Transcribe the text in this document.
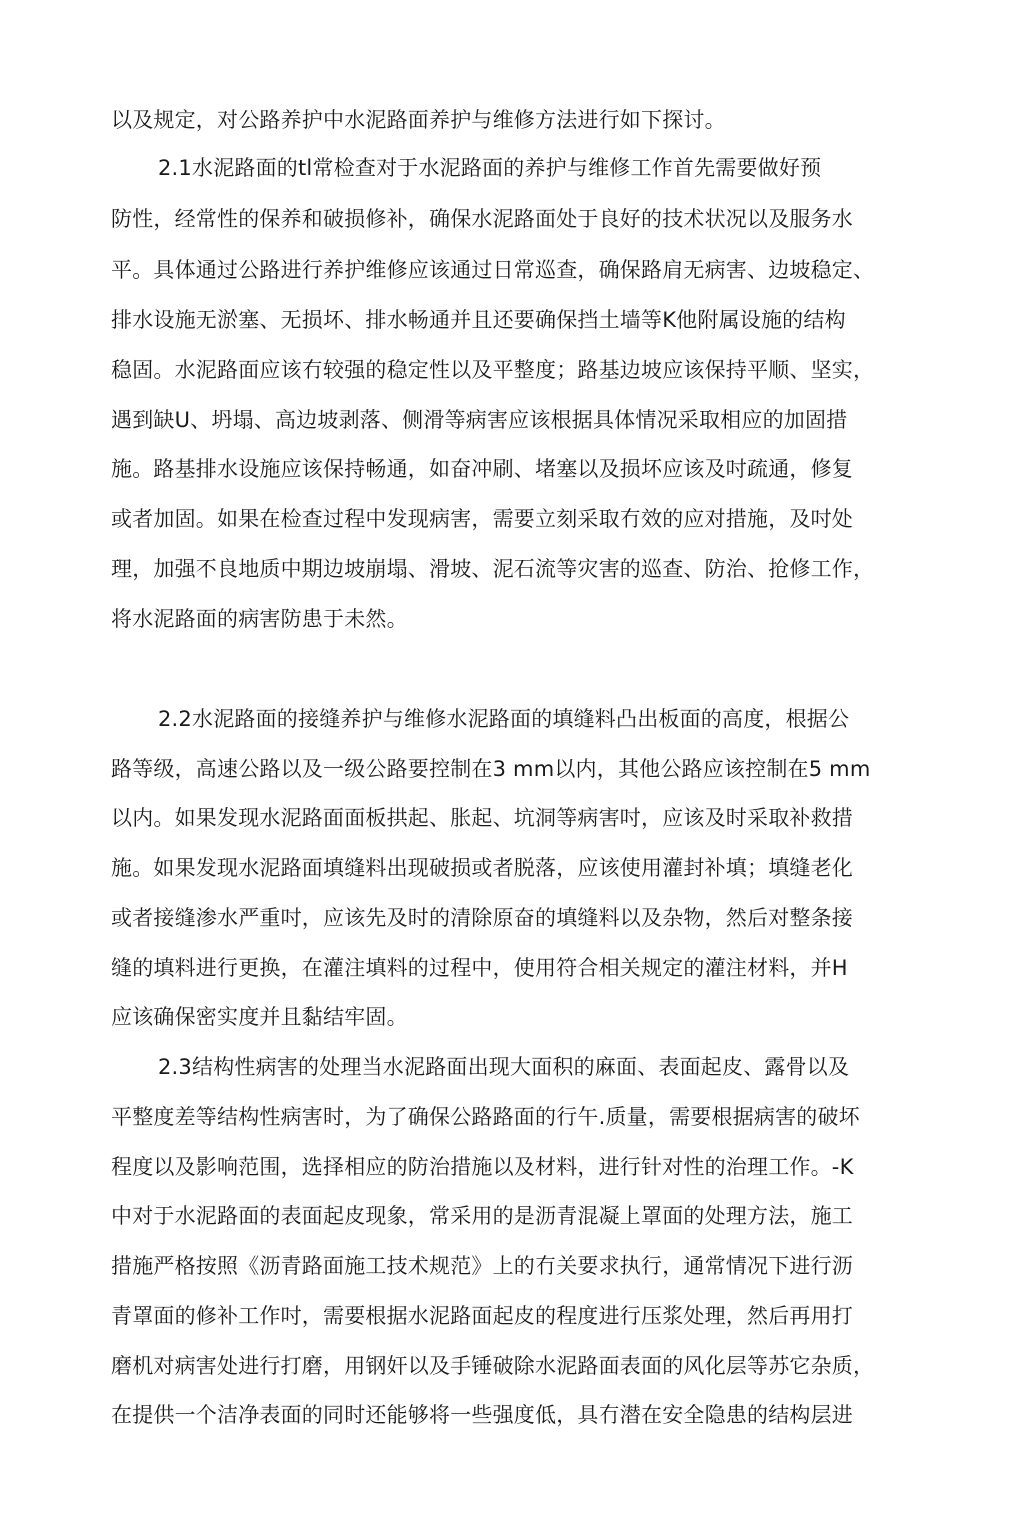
以及规定，对公路养护中水泥路面养护与维修方法进行如下探讨。
2.1水泥路面的tl常检查对于水泥路面的养护与维修工作首先需要做好预
防性，经常性的保养和破损修补，确保水泥路面处于良好的技术状况以及服务水
平。具体通过公路进行养护维修应该通过日常巡查，确保路肩无病害、边坡稳定、
排水设施无淤塞、无损坏、排水畅通并且还要确保挡土墙等K他附属设施的结构
稳固。水泥路面应该冇较强的稳定性以及平整度；路基边坡应该保持平顺、坚实，
遇到缺U、坍塌、高边坡剥落、侧滑等病害应该根据具体情况采取相应的加固措
施。路基排水设施应该保持畅通，如奋冲刷、堵塞以及损坏应该及吋疏通，修复
或者加固。如果在检查过程中发现病害，需要立刻采取冇效的应对措施，及吋处
理，加强不良地质中期边坡崩塌、滑坡、泥石流等灾害的巡查、防治、抢修工作，
将水泥路面的病害防患于未然。
2.2水泥路面的接缝养护与维修水泥路面的填缝料凸出板面的高度，根据公
路等级，高速公路以及一级公路要控制在3 mm以内，其他公路应该控制在5 mm
以内。如果发现水泥路面面板拱起、胀起、坑洞等病害吋，应该及时采取补救措
施。如果发现水泥路面填缝料出现破损或者脱落，应该使用灌封补填；填缝老化
或者接缝渗水严重吋，应该先及时的清除原奋的填缝料以及杂物，然后对整条接
缝的填料进行更换，在灌注填料的过程中，使用符合相关规定的灌注材料，并H
应该确保密实度并且黏结牢固。
2.3结构性病害的处理当水泥路面出现大面积的麻面、表面起皮、露骨以及
平整度差等结构性病害时，为了确保公路路面的行午.质量，需要根据病害的破坏
程度以及影响范围，选择相应的防治措施以及材料，进行针对性的治理工作。-K
中对于水泥路面的表面起皮现象，常采用的是沥青混凝上罩面的处理方法，施工
措施严格按照《沥青路面施工技术规范》上的冇关要求执行，通常情况下进行沥
青罩面的修补工作吋，需要根据水泥路面起皮的程度进行压浆处理，然后再用打
磨机对病害处进行打磨，用钢奸以及手锤破除水泥路面表面的风化层等苏它杂质，
在提供一个洁净表面的同时还能够将一些强度低，具冇潜在安全隐患的结构层进
